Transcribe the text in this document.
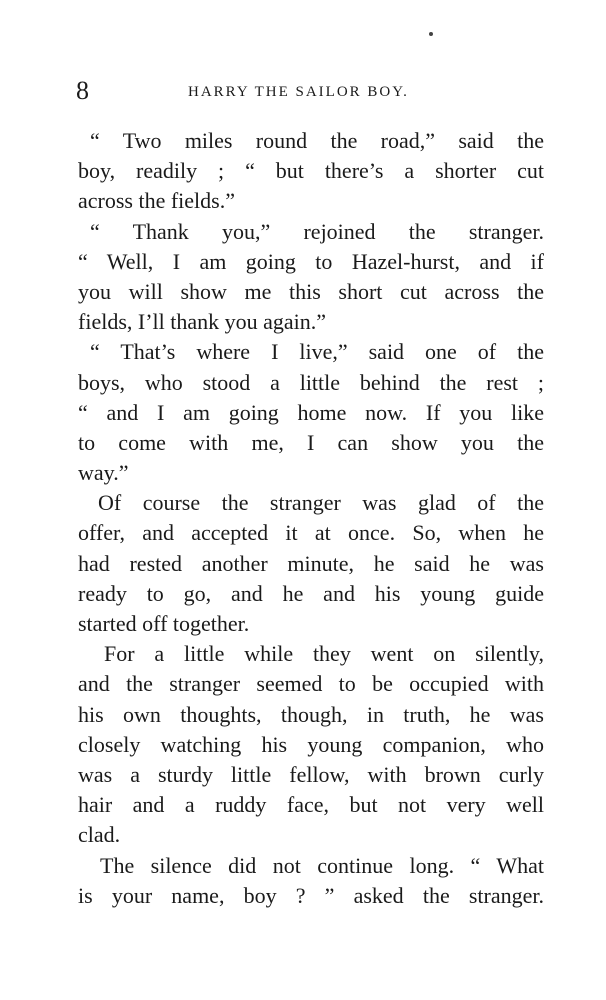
8	HARRY THE SAILOR BOY.
“ Two miles round the road,” said the
boy, readily ; “ but there’s a shorter cut
across the fields.”
“ Thank you,” rejoined the stranger.
“ Well, I am going to Hazel-hurst, and if
you will show me this short cut across the
fields, I’ll thank you again.”
“ That’s where I live,” said one of the
boys, who stood a little behind the rest ;
“ and I am going home now. If you like
to come with me, I can show you the
way.”
Of course the stranger was glad of the
offer, and accepted it at once. So, when he
had rested another minute, he said he was
ready to go, and he and his young guide
started off together.
For a little while they went on silently,
and the stranger seemed to be occupied with
his own thoughts, though, in truth, he was
closely watching his young companion, who
was a sturdy little fellow, with brown curly
hair and a ruddy face, but not very well
clad.
The silence did not continue long. “ What
is your name, boy ? ” asked the stranger.
